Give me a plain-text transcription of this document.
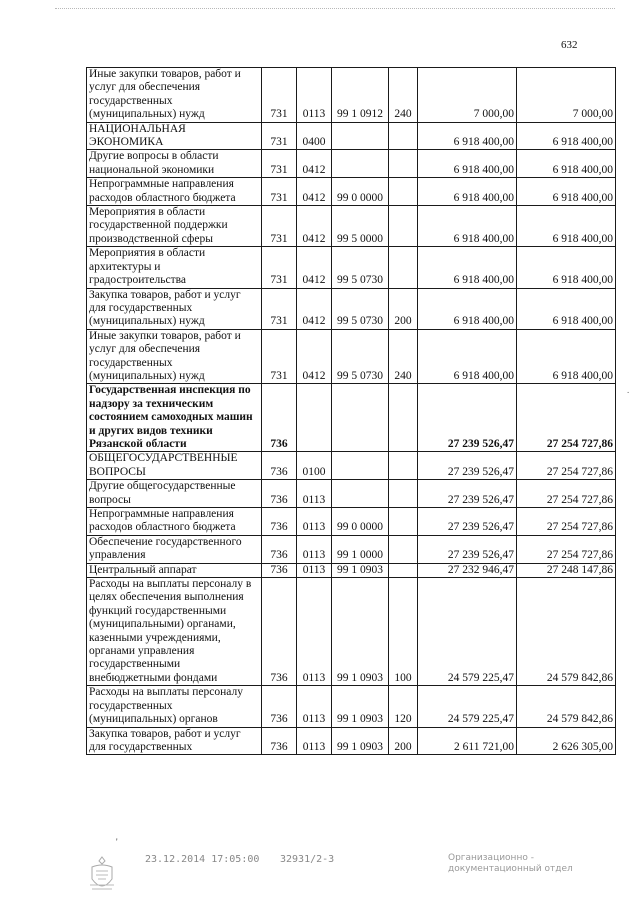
632
Иные закупки товаров, работ и услуг для обеспечения государственных (муниципальных) нужд	731	0113	99 1 0912	240	7 000,00	7 000,00
НАЦИОНАЛЬНАЯ ЭКОНОМИКА	731	0400			6 918 400,00	6 918 400,00
Другие вопросы в области национальной экономики	731	0412			6 918 400,00	6 918 400,00
Непрограммные направления расходов областного бюджета	731	0412	99 0 0000		6 918 400,00	6 918 400,00
Мероприятия в области государственной поддержки производственной сферы	731	0412	99 5 0000		6 918 400,00	6 918 400,00
Мероприятия в области архитектуры и градостроительства	731	0412	99 5 0730		6 918 400,00	6 918 400,00
Закупка товаров, работ и услуг для государственных (муниципальных) нужд	731	0412	99 5 0730	200	6 918 400,00	6 918 400,00
Иные закупки товаров, работ и услуг для обеспечения государственных (муниципальных) нужд	731	0412	99 5 0730	240	6 918 400,00	6 918 400,00
Государственная инспекция по надзору за техническим состоянием самоходных машин и других видов техники Рязанской области	736				27 239 526,47	27 254 727,86
ОБЩЕГОСУДАРСТВЕННЫЕ ВОПРОСЫ	736	0100			27 239 526,47	27 254 727,86
Другие общегосударственные вопросы	736	0113			27 239 526,47	27 254 727,86
Непрограммные направления расходов областного бюджета	736	0113	99 0 0000		27 239 526,47	27 254 727,86
Обеспечение государственного управления	736	0113	99 1 0000		27 239 526,47	27 254 727,86
Центральный аппарат	736	0113	99 1 0903		27 232 946,47	27 248 147,86
Расходы на выплаты персоналу в целях обеспечения выполнения функций государственными (муниципальными) органами, казенными учреждениями, органами управления государственными внебюджетными фондами	736	0113	99 1 0903	100	24 579 225,47	24 579 842,86
Расходы на выплаты персоналу государственных (муниципальных) органов	736	0113	99 1 0903	120	24 579 225,47	24 579 842,86
Закупка товаров, работ и услуг для государственных	736	0113	99 1 0903	200	2 611 721,00	2 626 305,00
'
.
23.12.2014 17:05:00 32931/2-3	Организационно -
документационный отдел
